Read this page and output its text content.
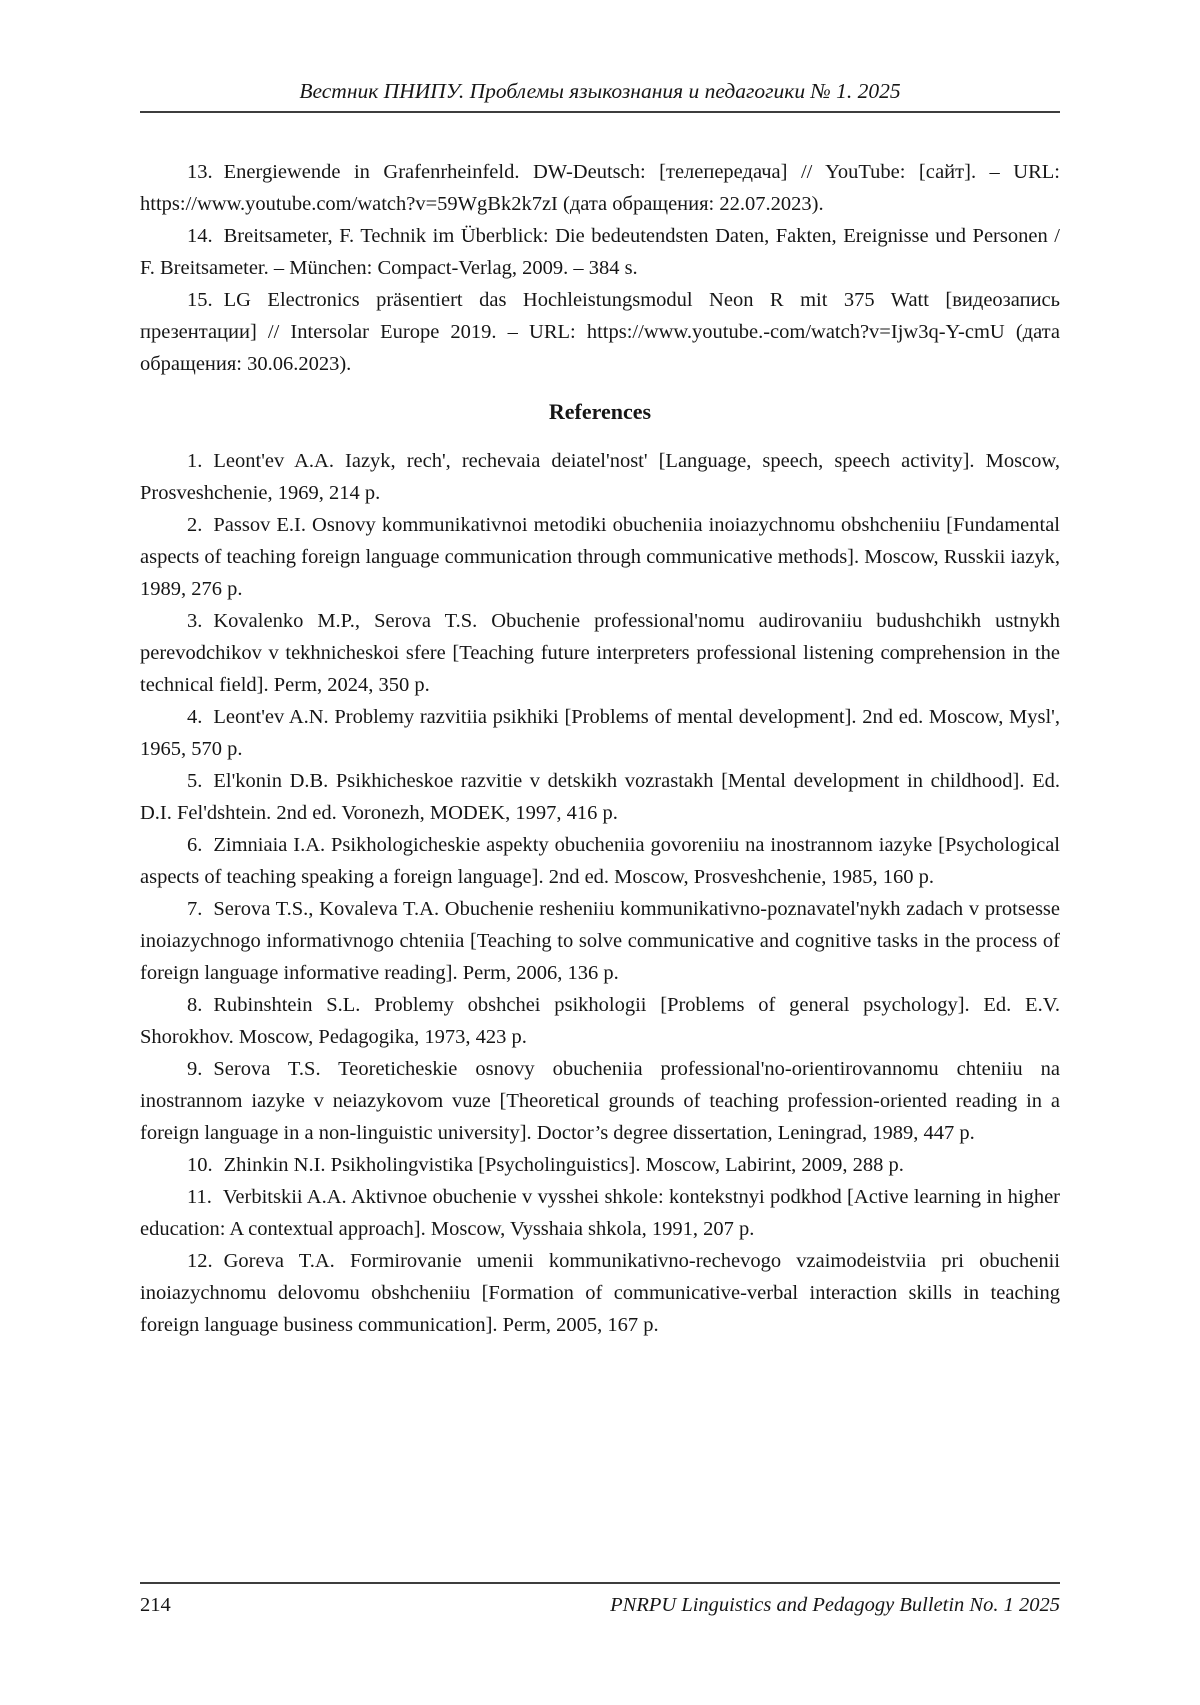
Вестник ПНИПУ. Проблемы языкознания и педагогики № 1. 2025

13. Energiewende in Grafenrheinfeld. DW-Deutsch: [телепередача] // YouTube: [сайт]. – URL: https://www.youtube.com/watch?v=59WgBk2k7zI (дата обращения: 22.07.2023).

14. Breitsameter, F. Technik im Überblick: Die bedeutendsten Daten, Fakten, Ereignisse und Personen / F. Breitsameter. – München: Compact-Verlag, 2009. – 384 s.

15. LG Electronics präsentiert das Hochleistungsmodul Neon R mit 375 Watt [видеозапись презентации] // Intersolar Europe 2019. – URL: https://www.youtube.-com/watch?v=Ijw3q-Y-cmU (дата обращения: 30.06.2023).

References

1. Leont'ev A.A. Iazyk, rech', rechevaia deiatel'nost' [Language, speech, speech activity]. Moscow, Prosveshchenie, 1969, 214 p.

2. Passov E.I. Osnovy kommunikativnoi metodiki obucheniia inoiazychnomu obshcheniiu [Fundamental aspects of teaching foreign language communication through communicative methods]. Moscow, Russkii iazyk, 1989, 276 p.

3. Kovalenko M.P., Serova T.S. Obuchenie professional'nomu audirovaniiu budushchikh ustnykh perevodchikov v tekhnicheskoi sfere [Teaching future interpreters professional listening comprehension in the technical field]. Perm, 2024, 350 p.

4. Leont'ev A.N. Problemy razvitiia psikhiki [Problems of mental development]. 2nd ed. Moscow, Mysl', 1965, 570 p.

5. El'konin D.B. Psikhicheskoe razvitie v detskikh vozrastakh [Mental development in childhood]. Ed. D.I. Fel'dshtein. 2nd ed. Voronezh, MODEK, 1997, 416 p.

6. Zimniaia I.A. Psikhologicheskie aspekty obucheniia govoreniiu na inostrannom iazyke [Psychological aspects of teaching speaking a foreign language]. 2nd ed. Moscow, Prosveshchenie, 1985, 160 p.

7. Serova T.S., Kovaleva T.A. Obuchenie resheniiu kommunikativno-poznavatel'nykh zadach v protsesse inoiazychnogo informativnogo chteniia [Teaching to solve communicative and cognitive tasks in the process of foreign language informative reading]. Perm, 2006, 136 p.

8. Rubinshtein S.L. Problemy obshchei psikhologii [Problems of general psychology]. Ed. E.V. Shorokhov. Moscow, Pedagogika, 1973, 423 p.

9. Serova T.S. Teoreticheskie osnovy obucheniia professional'no-orientirovannomu chteniiu na inostrannom iazyke v neiazykovom vuze [Theoretical grounds of teaching profession-oriented reading in a foreign language in a non-linguistic university]. Doctor’s degree dissertation, Leningrad, 1989, 447 p.

10. Zhinkin N.I. Psikholingvistika [Psycholinguistics]. Moscow, Labirint, 2009, 288 p.

11. Verbitskii A.A. Aktivnoe obuchenie v vysshei shkole: kontekstnyi podkhod [Active learning in higher education: A contextual approach]. Moscow, Vysshaia shkola, 1991, 207 p.

12. Goreva T.A. Formirovanie umenii kommunikativno-rechevogo vzaimodeistviia pri obuchenii inoiazychnomu delovomu obshcheniiu [Formation of communicative-verbal interaction skills in teaching foreign language business communication]. Perm, 2005, 167 p.

214	PNRPU Linguistics and Pedagogy Bulletin No. 1 2025
